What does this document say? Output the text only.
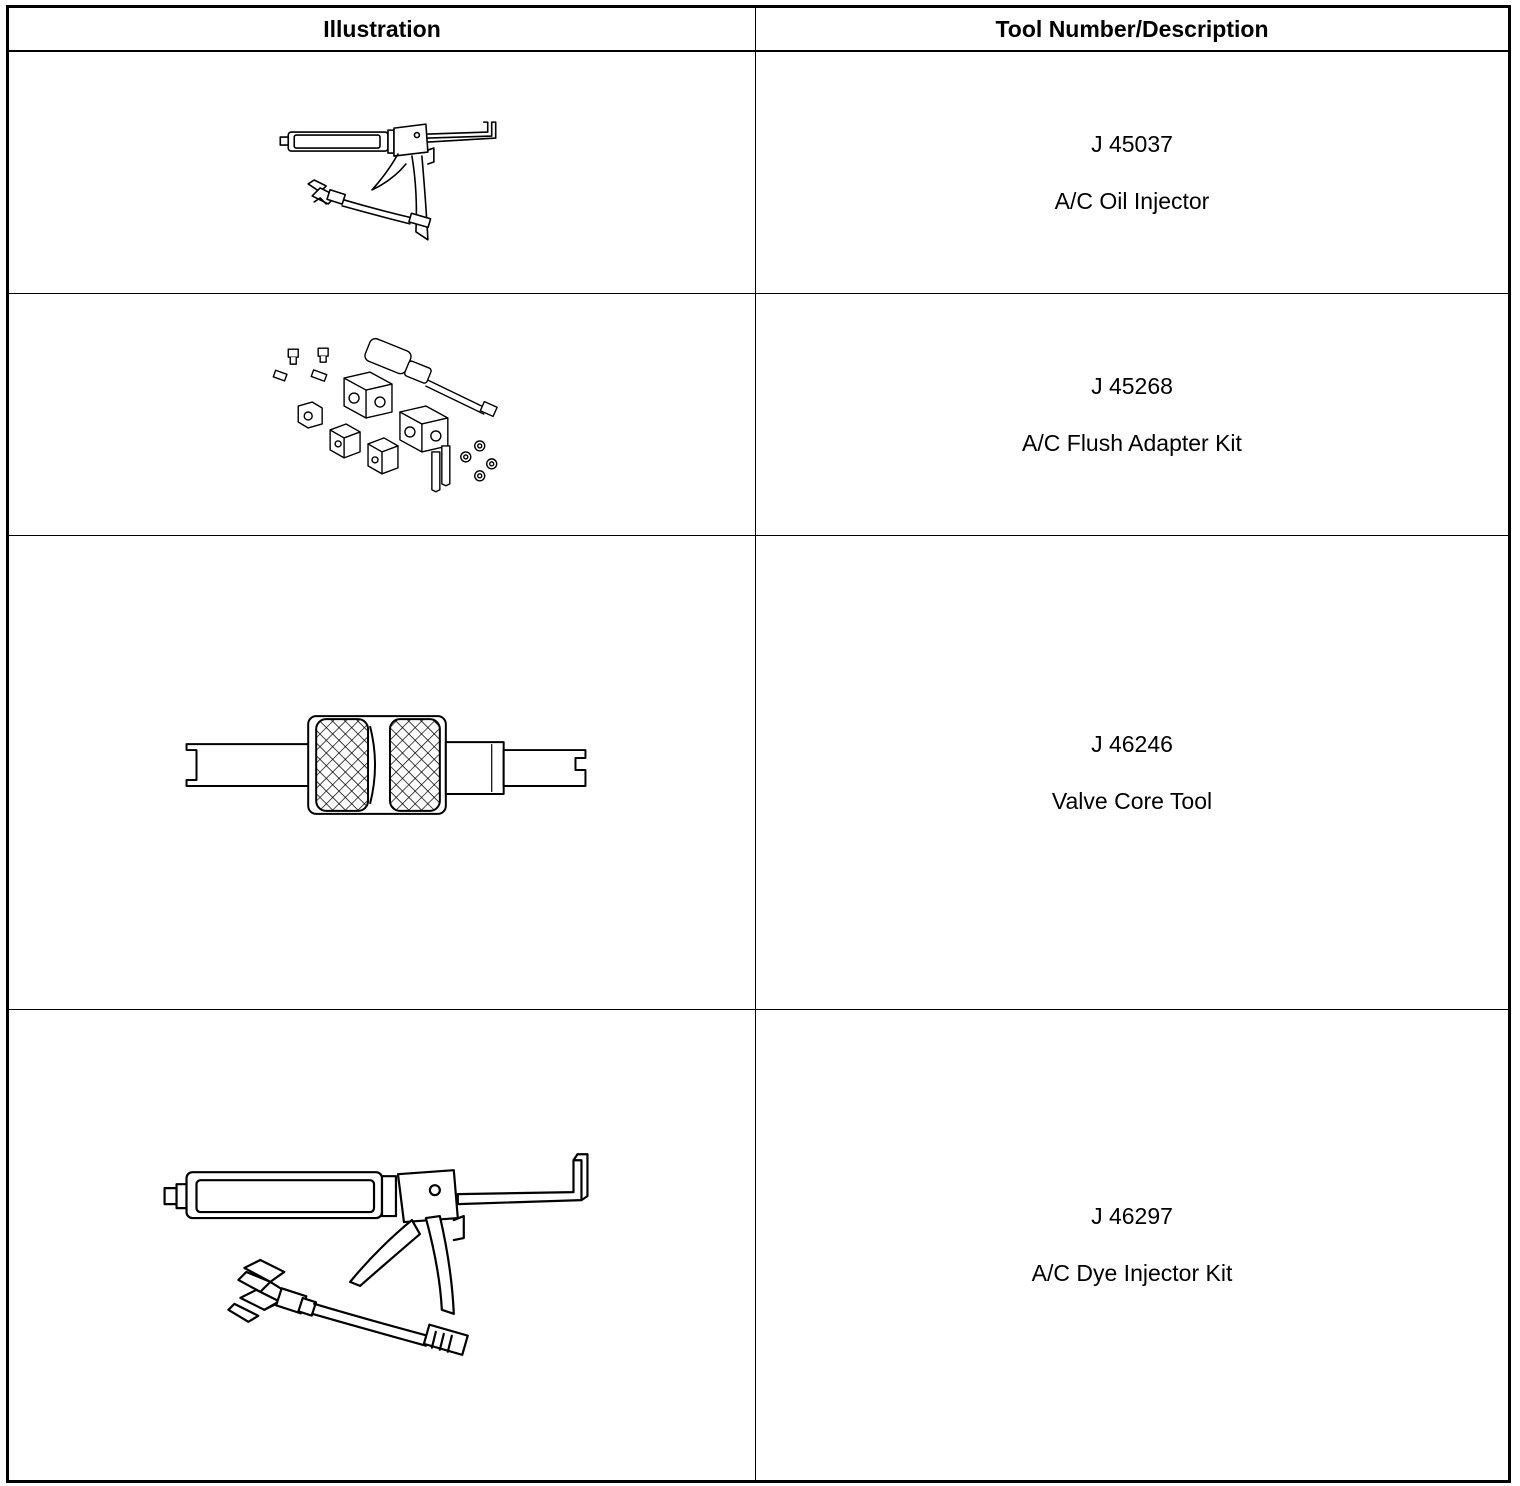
Illustration	Tool Number/Description

J 45037
A/C Oil Injector

J 45268
A/C Flush Adapter Kit

J 46246
Valve Core Tool

J 46297
A/C Dye Injector Kit
